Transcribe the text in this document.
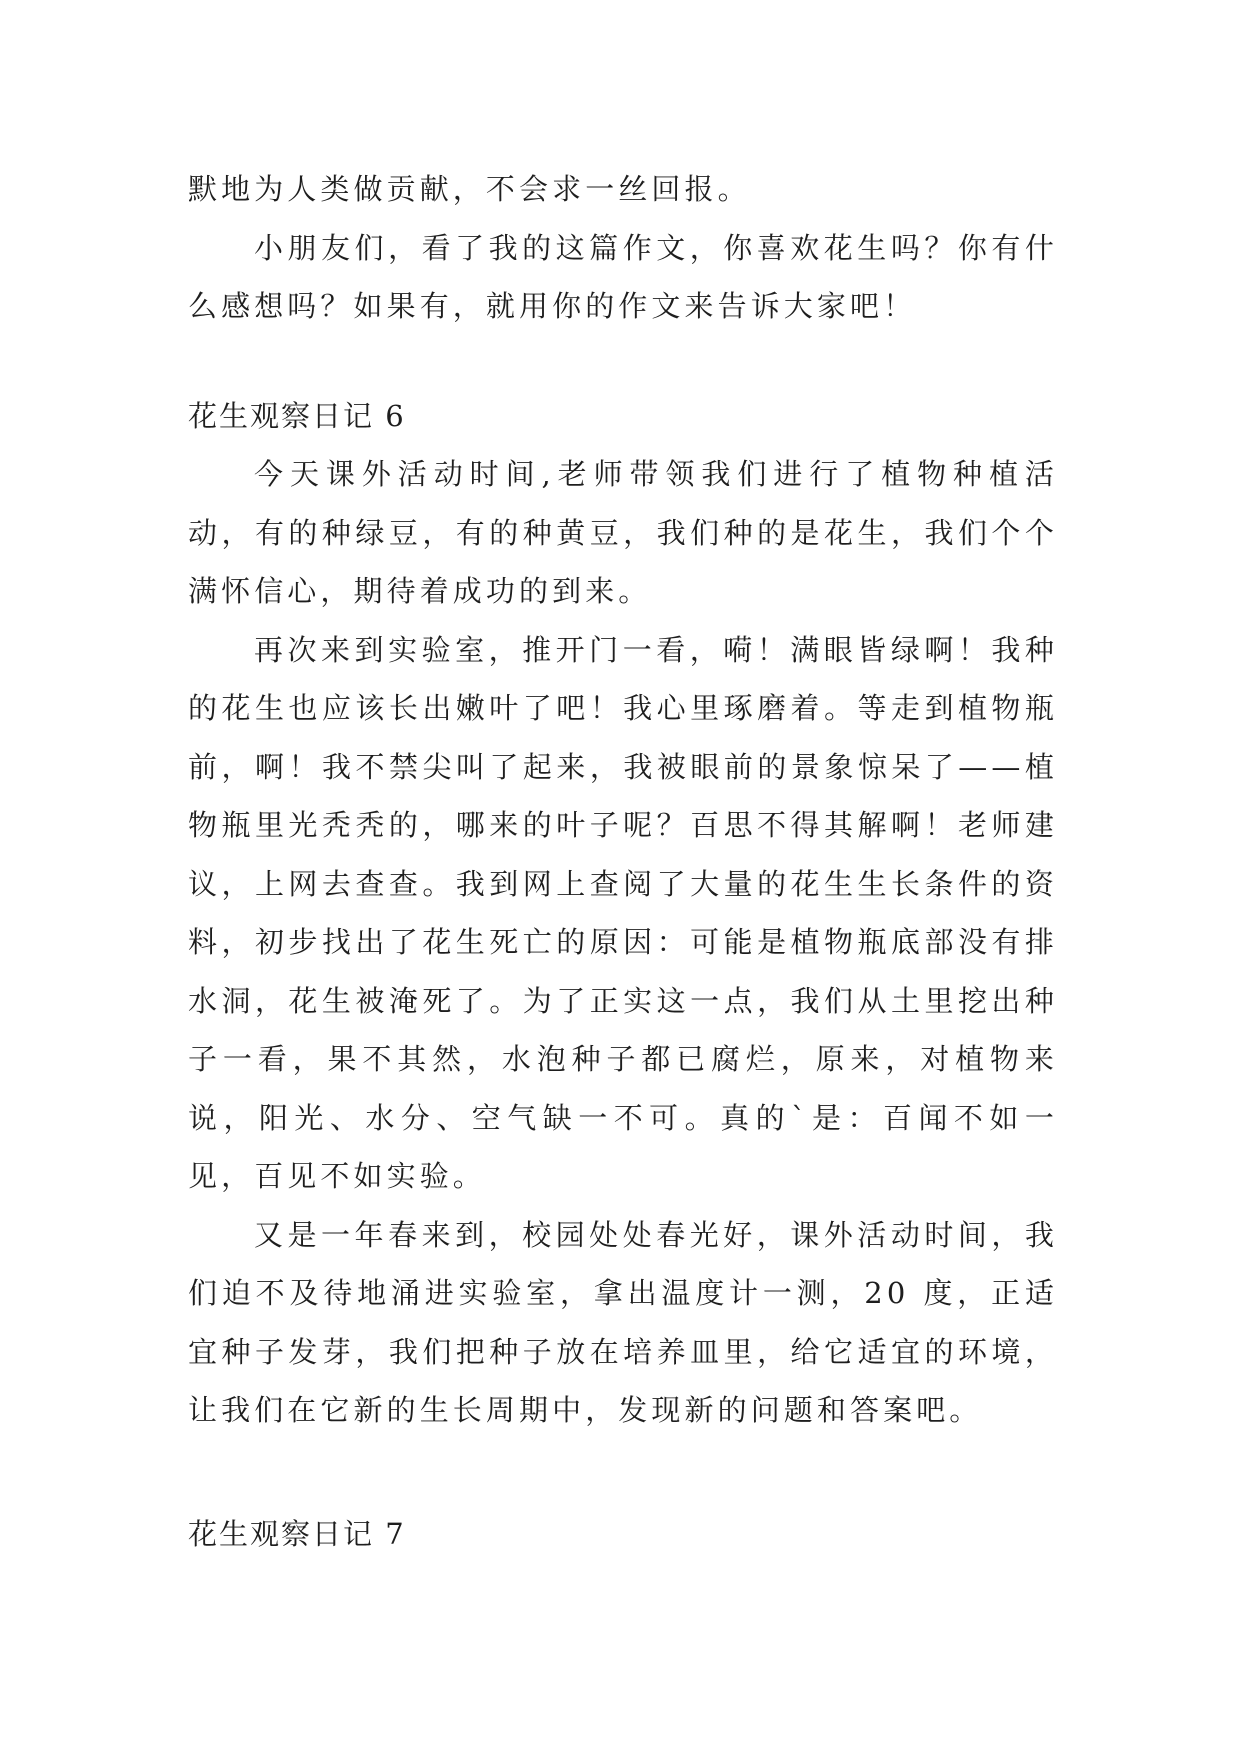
默地为人类做贡献，不会求一丝回报。

小朋友们，看了我的这篇作文，你喜欢花生吗？你有什么感想吗？如果有，就用你的作文来告诉大家吧！

花生观察日记 6

今天课外活动时间,老师带领我们进行了植物种植活动，有的种绿豆，有的种黄豆，我们种的是花生，我们个个满怀信心，期待着成功的到来。

再次来到实验室，推开门一看，嗬！满眼皆绿啊！我种的花生也应该长出嫩叶了吧！我心里琢磨着。等走到植物瓶前，啊！我不禁尖叫了起来，我被眼前的景象惊呆了——植物瓶里光秃秃的，哪来的叶子呢？百思不得其解啊！老师建议，上网去查查。我到网上查阅了大量的花生生长条件的资料，初步找出了花生死亡的原因：可能是植物瓶底部没有排水洞，花生被淹死了。为了正实这一点，我们从土里挖出种子一看，果不其然，水泡种子都已腐烂，原来，对植物来说，阳光、水分、空气缺一不可。真的`是：百闻不如一见，百见不如实验。

又是一年春来到，校园处处春光好，课外活动时间，我们迫不及待地涌进实验室，拿出温度计一测，20 度，正适宜种子发芽，我们把种子放在培养皿里，给它适宜的环境，让我们在它新的生长周期中，发现新的问题和答案吧。

花生观察日记 7
